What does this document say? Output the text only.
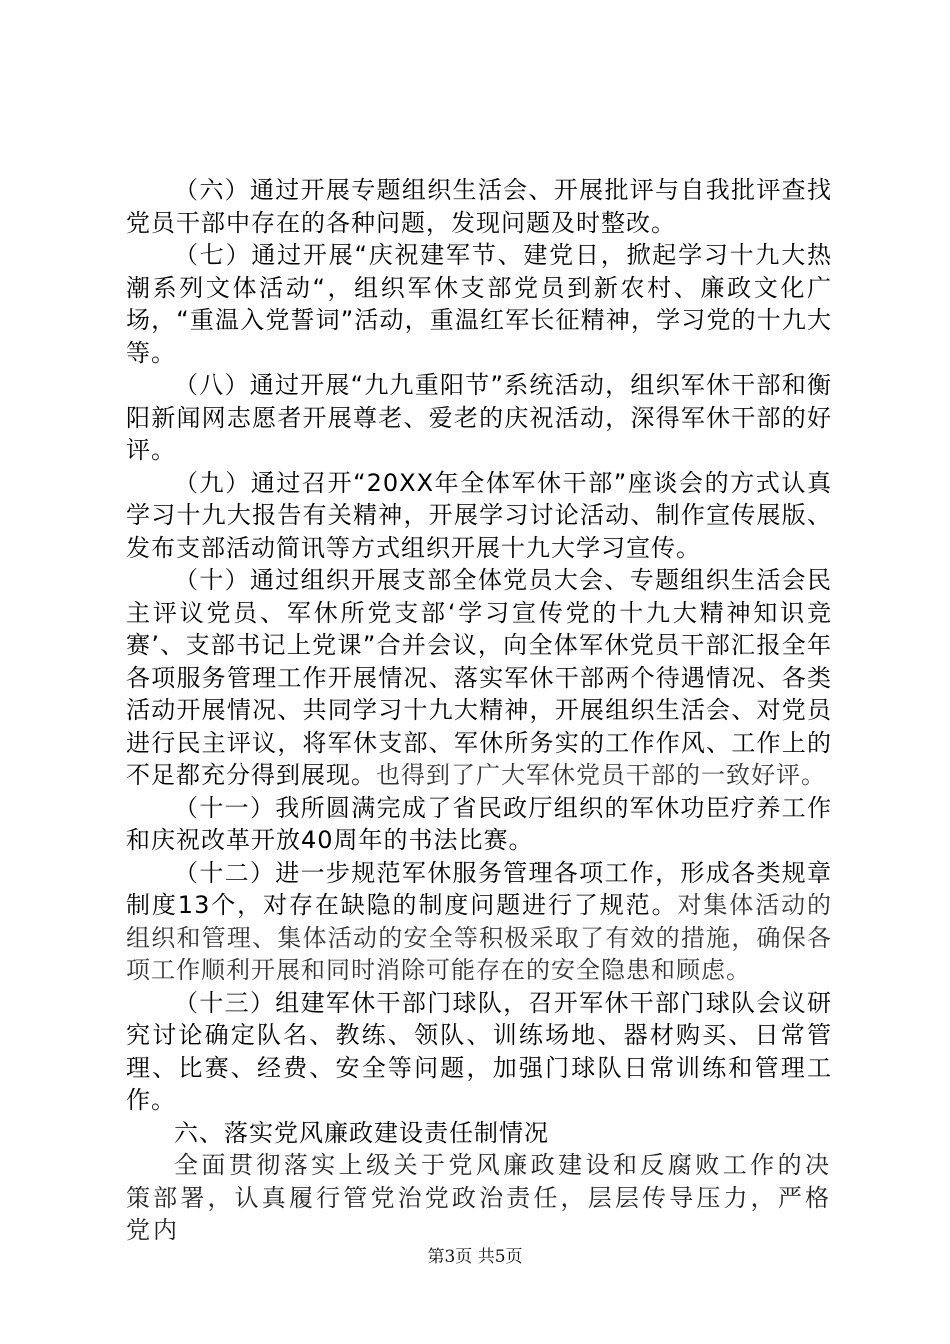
（六）通过开展专题组织生活会、开展批评与自我批评查找党员干部中存在的各种问题，发现问题及时整改。

（七）通过开展“庆祝建军节、建党日，掀起学习十九大热潮系列文体活动“，组织军休支部党员到新农村、廉政文化广场，“重温入党誓词”活动，重温红军长征精神，学习党的十九大等。

（八）通过开展“九九重阳节”系统活动，组织军休干部和衡阳新闻网志愿者开展尊老、爱老的庆祝活动，深得军休干部的好评。

（九）通过召开“20XX年全体军休干部”座谈会的方式认真学习十九大报告有关精神，开展学习讨论活动、制作宣传展版、发布支部活动简讯等方式组织开展十九大学习宣传。

（十）通过组织开展支部全体党员大会、专题组织生活会民主评议党员、军休所党支部‘学习宣传党的十九大精神知识竞赛’、支部书记上党课”合并会议，向全体军休党员干部汇报全年各项服务管理工作开展情况、落实军休干部两个待遇情况、各类活动开展情况、共同学习十九大精神，开展组织生活会、对党员进行民主评议，将军休支部、军休所务实的工作作风、工作上的不足都充分得到展现。也得到了广大军休党员干部的一致好评。

（十一）我所圆满完成了省民政厅组织的军休功臣疗养工作和庆祝改革开放40周年的书法比赛。

（十二）进一步规范军休服务管理各项工作，形成各类规章制度13个，对存在缺隐的制度问题进行了规范。对集体活动的组织和管理、集体活动的安全等积极采取了有效的措施，确保各项工作顺利开展和同时消除可能存在的安全隐患和顾虑。

（十三）组建军休干部门球队，召开军休干部门球队会议研究讨论确定队名、教练、领队、训练场地、器材购买、日常管理、比赛、经费、安全等问题，加强门球队日常训练和管理工作。

六、落实党风廉政建设责任制情况

全面贯彻落实上级关于党风廉政建设和反腐败工作的决策部署，认真履行管党治党政治责任，层层传导压力，严格党内

第3页 共5页
